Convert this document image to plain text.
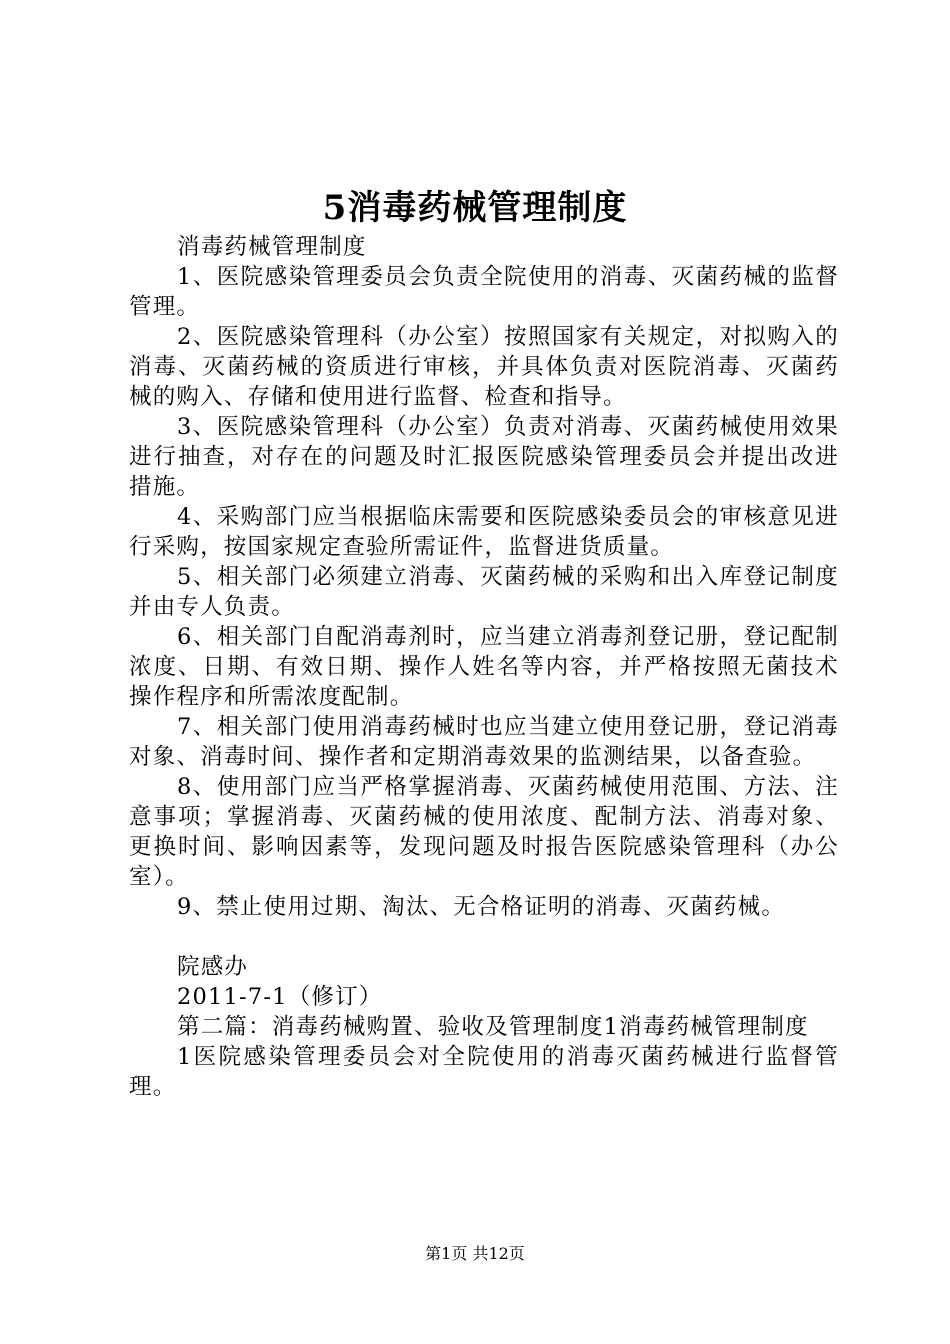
5消毒药械管理制度

消毒药械管理制度

1、医院感染管理委员会负责全院使用的消毒、灭菌药械的监督管理。

2、医院感染管理科（办公室）按照国家有关规定，对拟购入的消毒、灭菌药械的资质进行审核，并具体负责对医院消毒、灭菌药械的购入、存储和使用进行监督、检查和指导。

3、医院感染管理科（办公室）负责对消毒、灭菌药械使用效果进行抽查，对存在的问题及时汇报医院感染管理委员会并提出改进措施。

4、采购部门应当根据临床需要和医院感染委员会的审核意见进行采购，按国家规定查验所需证件，监督进货质量。

5、相关部门必须建立消毒、灭菌药械的采购和出入库登记制度并由专人负责。

6、相关部门自配消毒剂时，应当建立消毒剂登记册，登记配制浓度、日期、有效日期、操作人姓名等内容，并严格按照无菌技术操作程序和所需浓度配制。

7、相关部门使用消毒药械时也应当建立使用登记册，登记消毒对象、消毒时间、操作者和定期消毒效果的监测结果，以备查验。

8、使用部门应当严格掌握消毒、灭菌药械使用范围、方法、注意事项；掌握消毒、灭菌药械的使用浓度、配制方法、消毒对象、更换时间、影响因素等，发现问题及时报告医院感染管理科（办公室）。

9、禁止使用过期、淘汰、无合格证明的消毒、灭菌药械。

院感办

2011-7-1（修订）

第二篇：消毒药械购置、验收及管理制度1消毒药械管理制度

1医院感染管理委员会对全院使用的消毒灭菌药械进行监督管理。

第1页 共12页
